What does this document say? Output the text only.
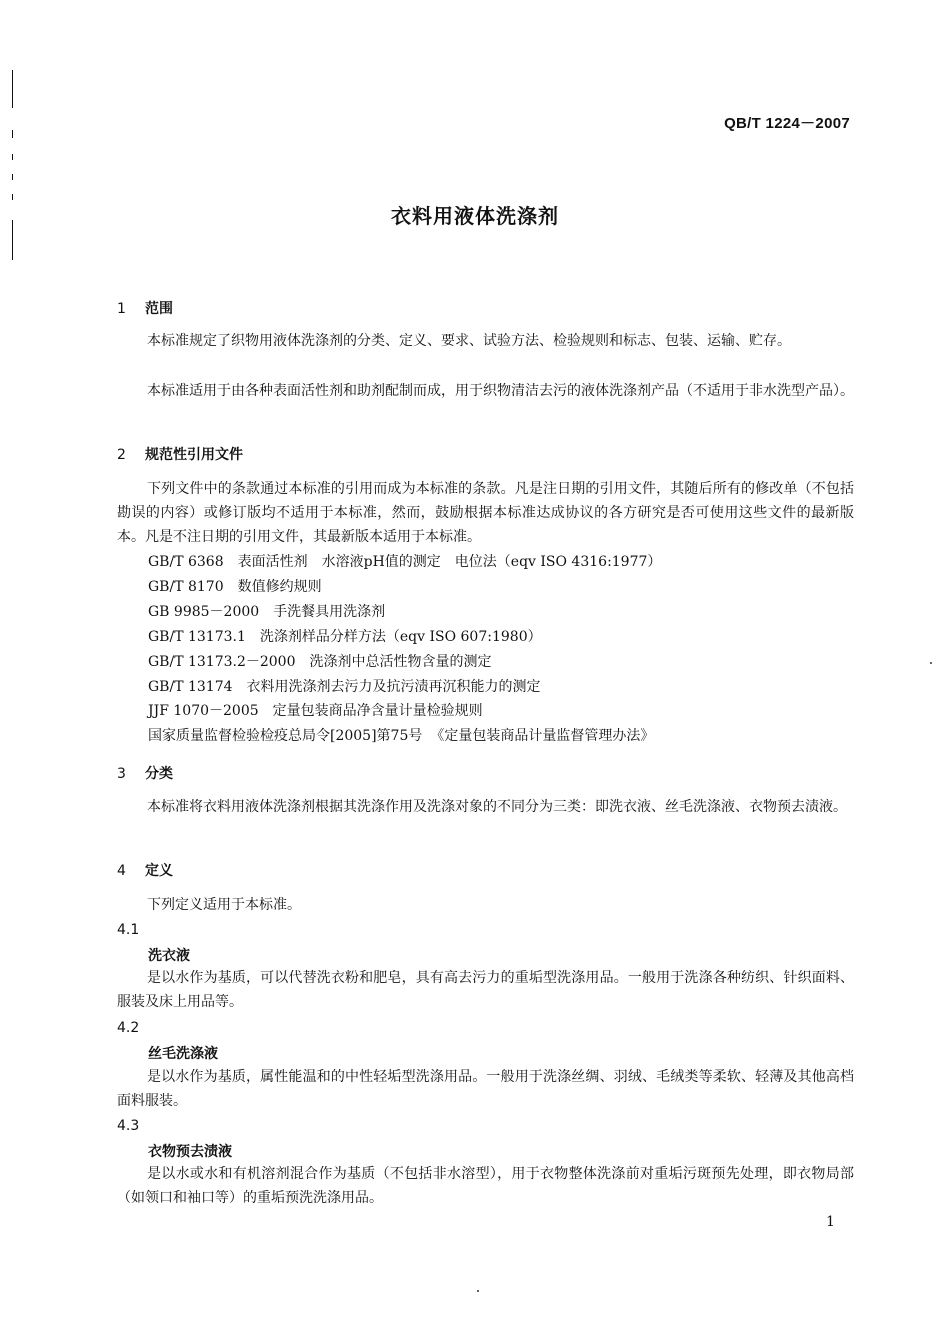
QB/T 1224－2007
衣料用液体洗涤剂
1 范围

本标准规定了织物用液体洗涤剂的分类、定义、要求、试验方法、检验规则和标志、包装、运输、贮存。

本标准适用于由各种表面活性剂和助剂配制而成，用于织物清洁去污的液体洗涤剂产品（不适用于非水洗型产品）。

2 规范性引用文件

下列文件中的条款通过本标准的引用而成为本标准的条款。凡是注日期的引用文件，其随后所有的修改单（不包括勘误的内容）或修订版均不适用于本标准，然而，鼓励根据本标准达成协议的各方研究是否可使用这些文件的最新版本。凡是不注日期的引用文件，其最新版本适用于本标准。

GB/T 6368 表面活性剂　水溶液pH值的测定　电位法（eqv ISO 4316:1977）
GB/T 8170 数值修约规则
GB 9985－2000 手洗餐具用洗涤剂
GB/T 13173.1 洗涤剂样品分样方法（eqv ISO 607:1980）
GB/T 13173.2－2000 洗涤剂中总活性物含量的测定
GB/T 13174 衣料用洗涤剂去污力及抗污渍再沉积能力的测定
JJF 1070－2005 定量包装商品净含量计量检验规则
国家质量监督检验检疫总局令[2005]第75号 《定量包装商品计量监督管理办法》
3 分类

本标准将衣料用液体洗涤剂根据其洗涤作用及洗涤对象的不同分为三类：即洗衣液、丝毛洗涤液、衣物预去渍液。

4 定义

下列定义适用于本标准。

4.1
洗衣液

是以水作为基质，可以代替洗衣粉和肥皂，具有高去污力的重垢型洗涤用品。一般用于洗涤各种纺织、针织面料、服装及床上用品等。

4.2
丝毛洗涤液

是以水作为基质，属性能温和的中性轻垢型洗涤用品。一般用于洗涤丝绸、羽绒、毛绒类等柔软、轻薄及其他高档面料服装。

4.3
衣物预去渍液

是以水或水和有机溶剂混合作为基质（不包括非水溶型），用于衣物整体洗涤前对重垢污斑预先处理，即衣物局部（如领口和袖口等）的重垢预洗洗涤用品。

1
